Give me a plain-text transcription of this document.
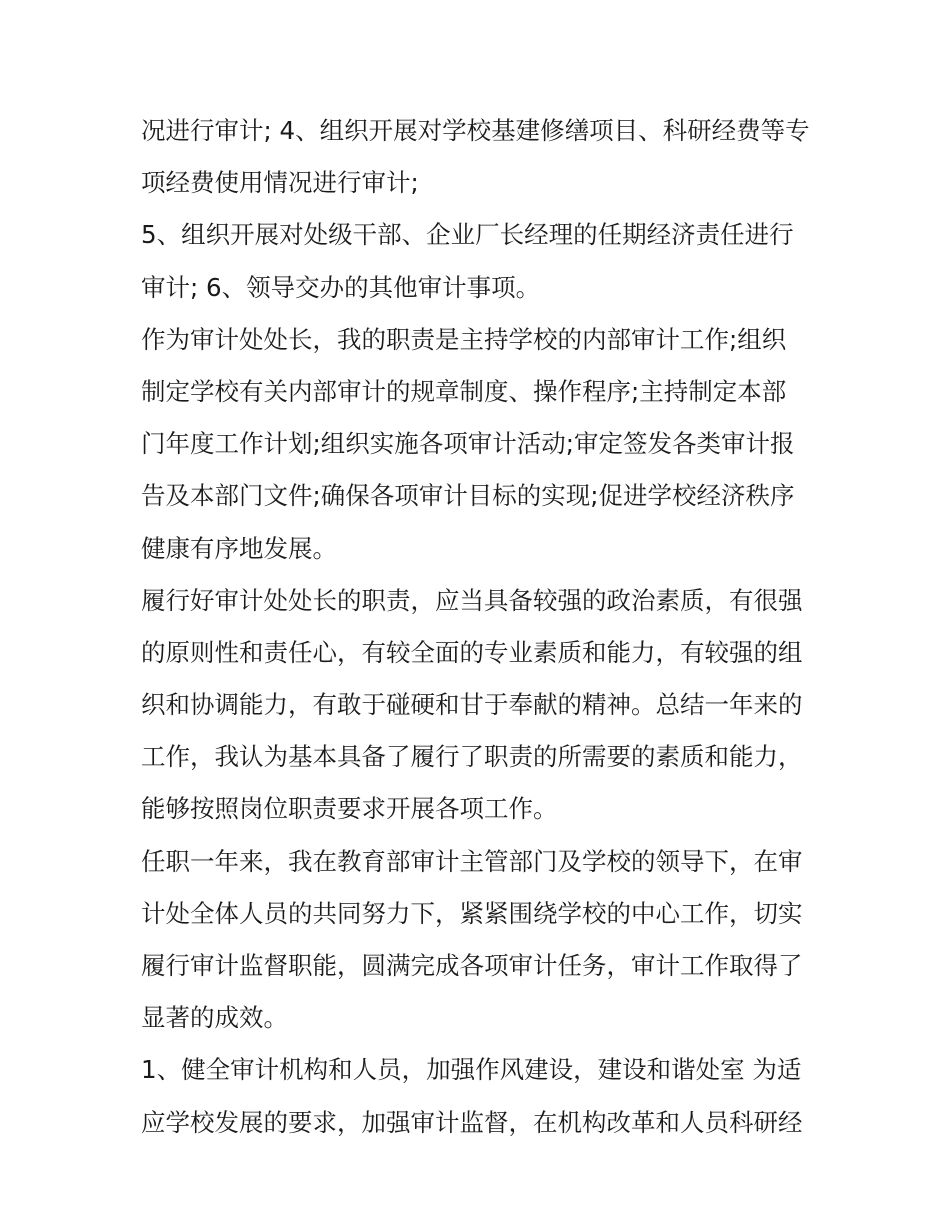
况进行审计; 4、组织开展对学校基建修缮项目、科研经费等专
项经费使用情况进行审计;
5、组织开展对处级干部、企业厂长经理的任期经济责任进行
审计; 6、领导交办的其他审计事项。
作为审计处处长，我的职责是主持学校的内部审计工作;组织
制定学校有关内部审计的规章制度、操作程序;主持制定本部
门年度工作计划;组织实施各项审计活动;审定签发各类审计报
告及本部门文件;确保各项审计目标的实现;促进学校经济秩序
健康有序地发展。
履行好审计处处长的职责，应当具备较强的政治素质，有很强
的原则性和责任心，有较全面的专业素质和能力，有较强的组
织和协调能力，有敢于碰硬和甘于奉献的精神。总结一年来的
工作，我认为基本具备了履行了职责的所需要的素质和能力，
能够按照岗位职责要求开展各项工作。
任职一年来，我在教育部审计主管部门及学校的领导下，在审
计处全体人员的共同努力下，紧紧围绕学校的中心工作，切实
履行审计监督职能，圆满完成各项审计任务，审计工作取得了
显著的成效。
1、健全审计机构和人员，加强作风建设，建设和谐处室 为适
应学校发展的要求，加强审计监督，在机构改革和人员科研经
